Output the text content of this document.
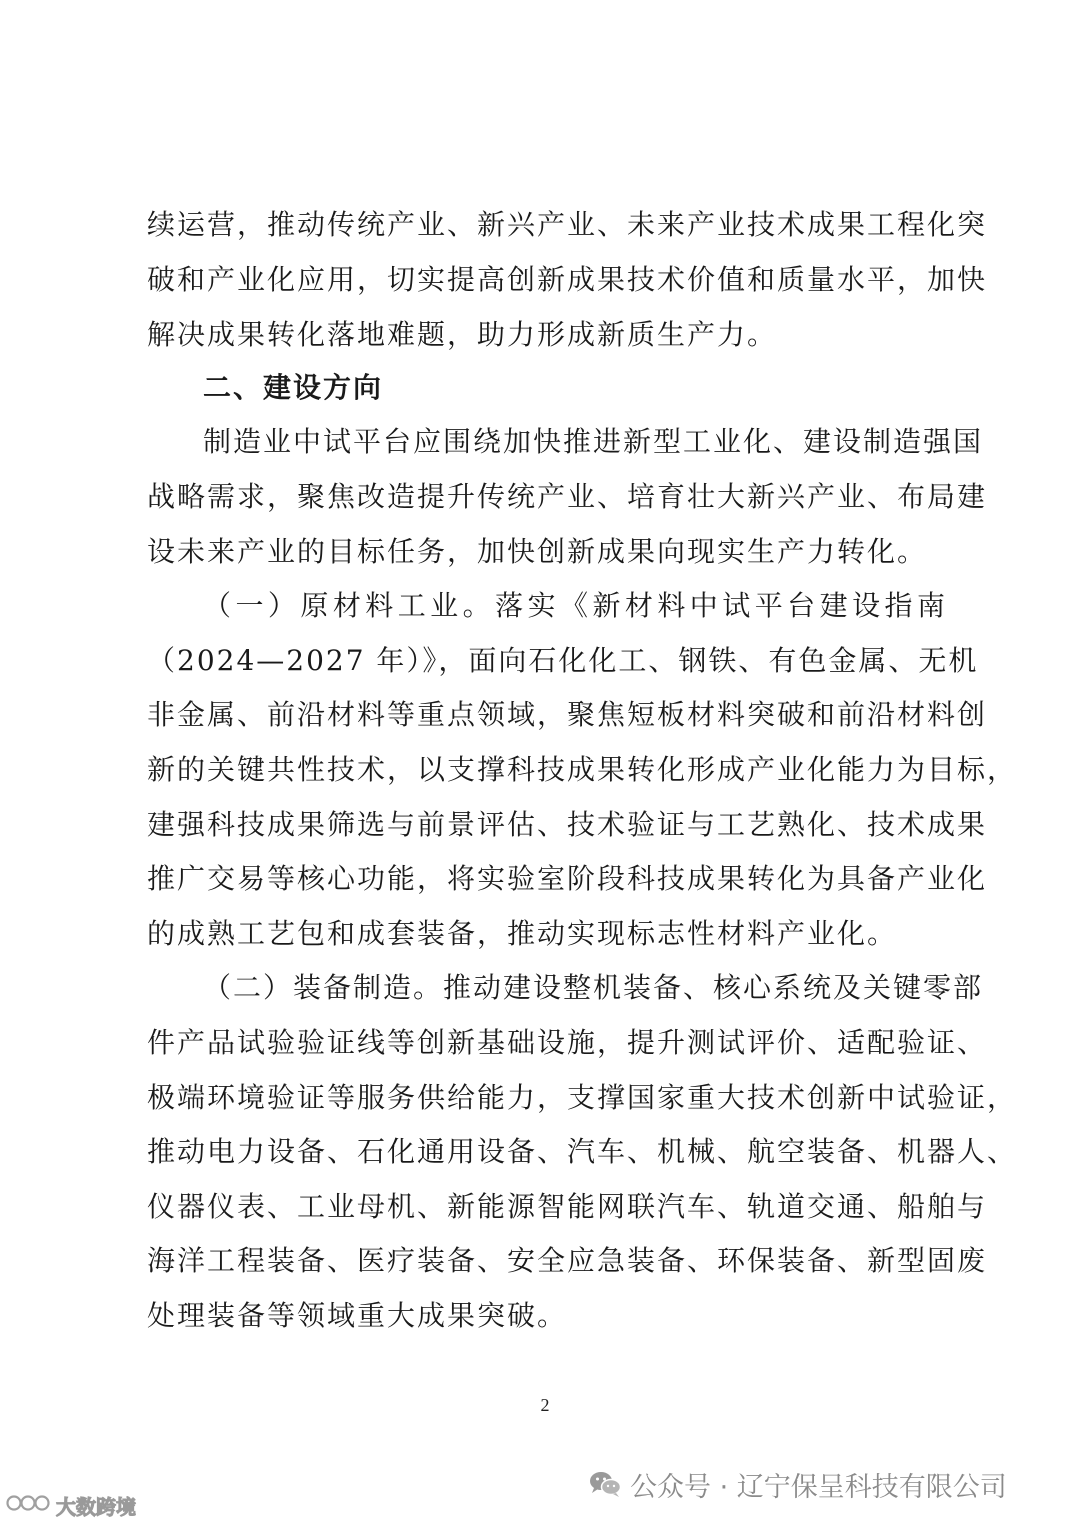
续运营，推动传统产业、新兴产业、未来产业技术成果工程化突
破和产业化应用，切实提高创新成果技术价值和质量水平，加快
解决成果转化落地难题，助力形成新质生产力。
二、建设方向
制造业中试平台应围绕加快推进新型工业化、建设制造强国
战略需求，聚焦改造提升传统产业、培育壮大新兴产业、布局建
设未来产业的目标任务，加快创新成果向现实生产力转化。
（一）原材料工业。落实《新材料中试平台建设指南
（2024—2027 年）》，面向石化化工、钢铁、有色金属、无机
非金属、前沿材料等重点领域，聚焦短板材料突破和前沿材料创
新的关键共性技术，以支撑科技成果转化形成产业化能力为目标，
建强科技成果筛选与前景评估、技术验证与工艺熟化、技术成果
推广交易等核心功能，将实验室阶段科技成果转化为具备产业化
的成熟工艺包和成套装备，推动实现标志性材料产业化。
（二）装备制造。推动建设整机装备、核心系统及关键零部
件产品试验验证线等创新基础设施，提升测试评价、适配验证、
极端环境验证等服务供给能力，支撑国家重大技术创新中试验证，
推动电力设备、石化通用设备、汽车、机械、航空装备、机器人、
仪器仪表、工业母机、新能源智能网联汽车、轨道交通、船舶与
海洋工程装备、医疗装备、安全应急装备、环保装备、新型固废
处理装备等领域重大成果突破。
2
公众号 · 辽宁保呈科技有限公司
大数跨境
